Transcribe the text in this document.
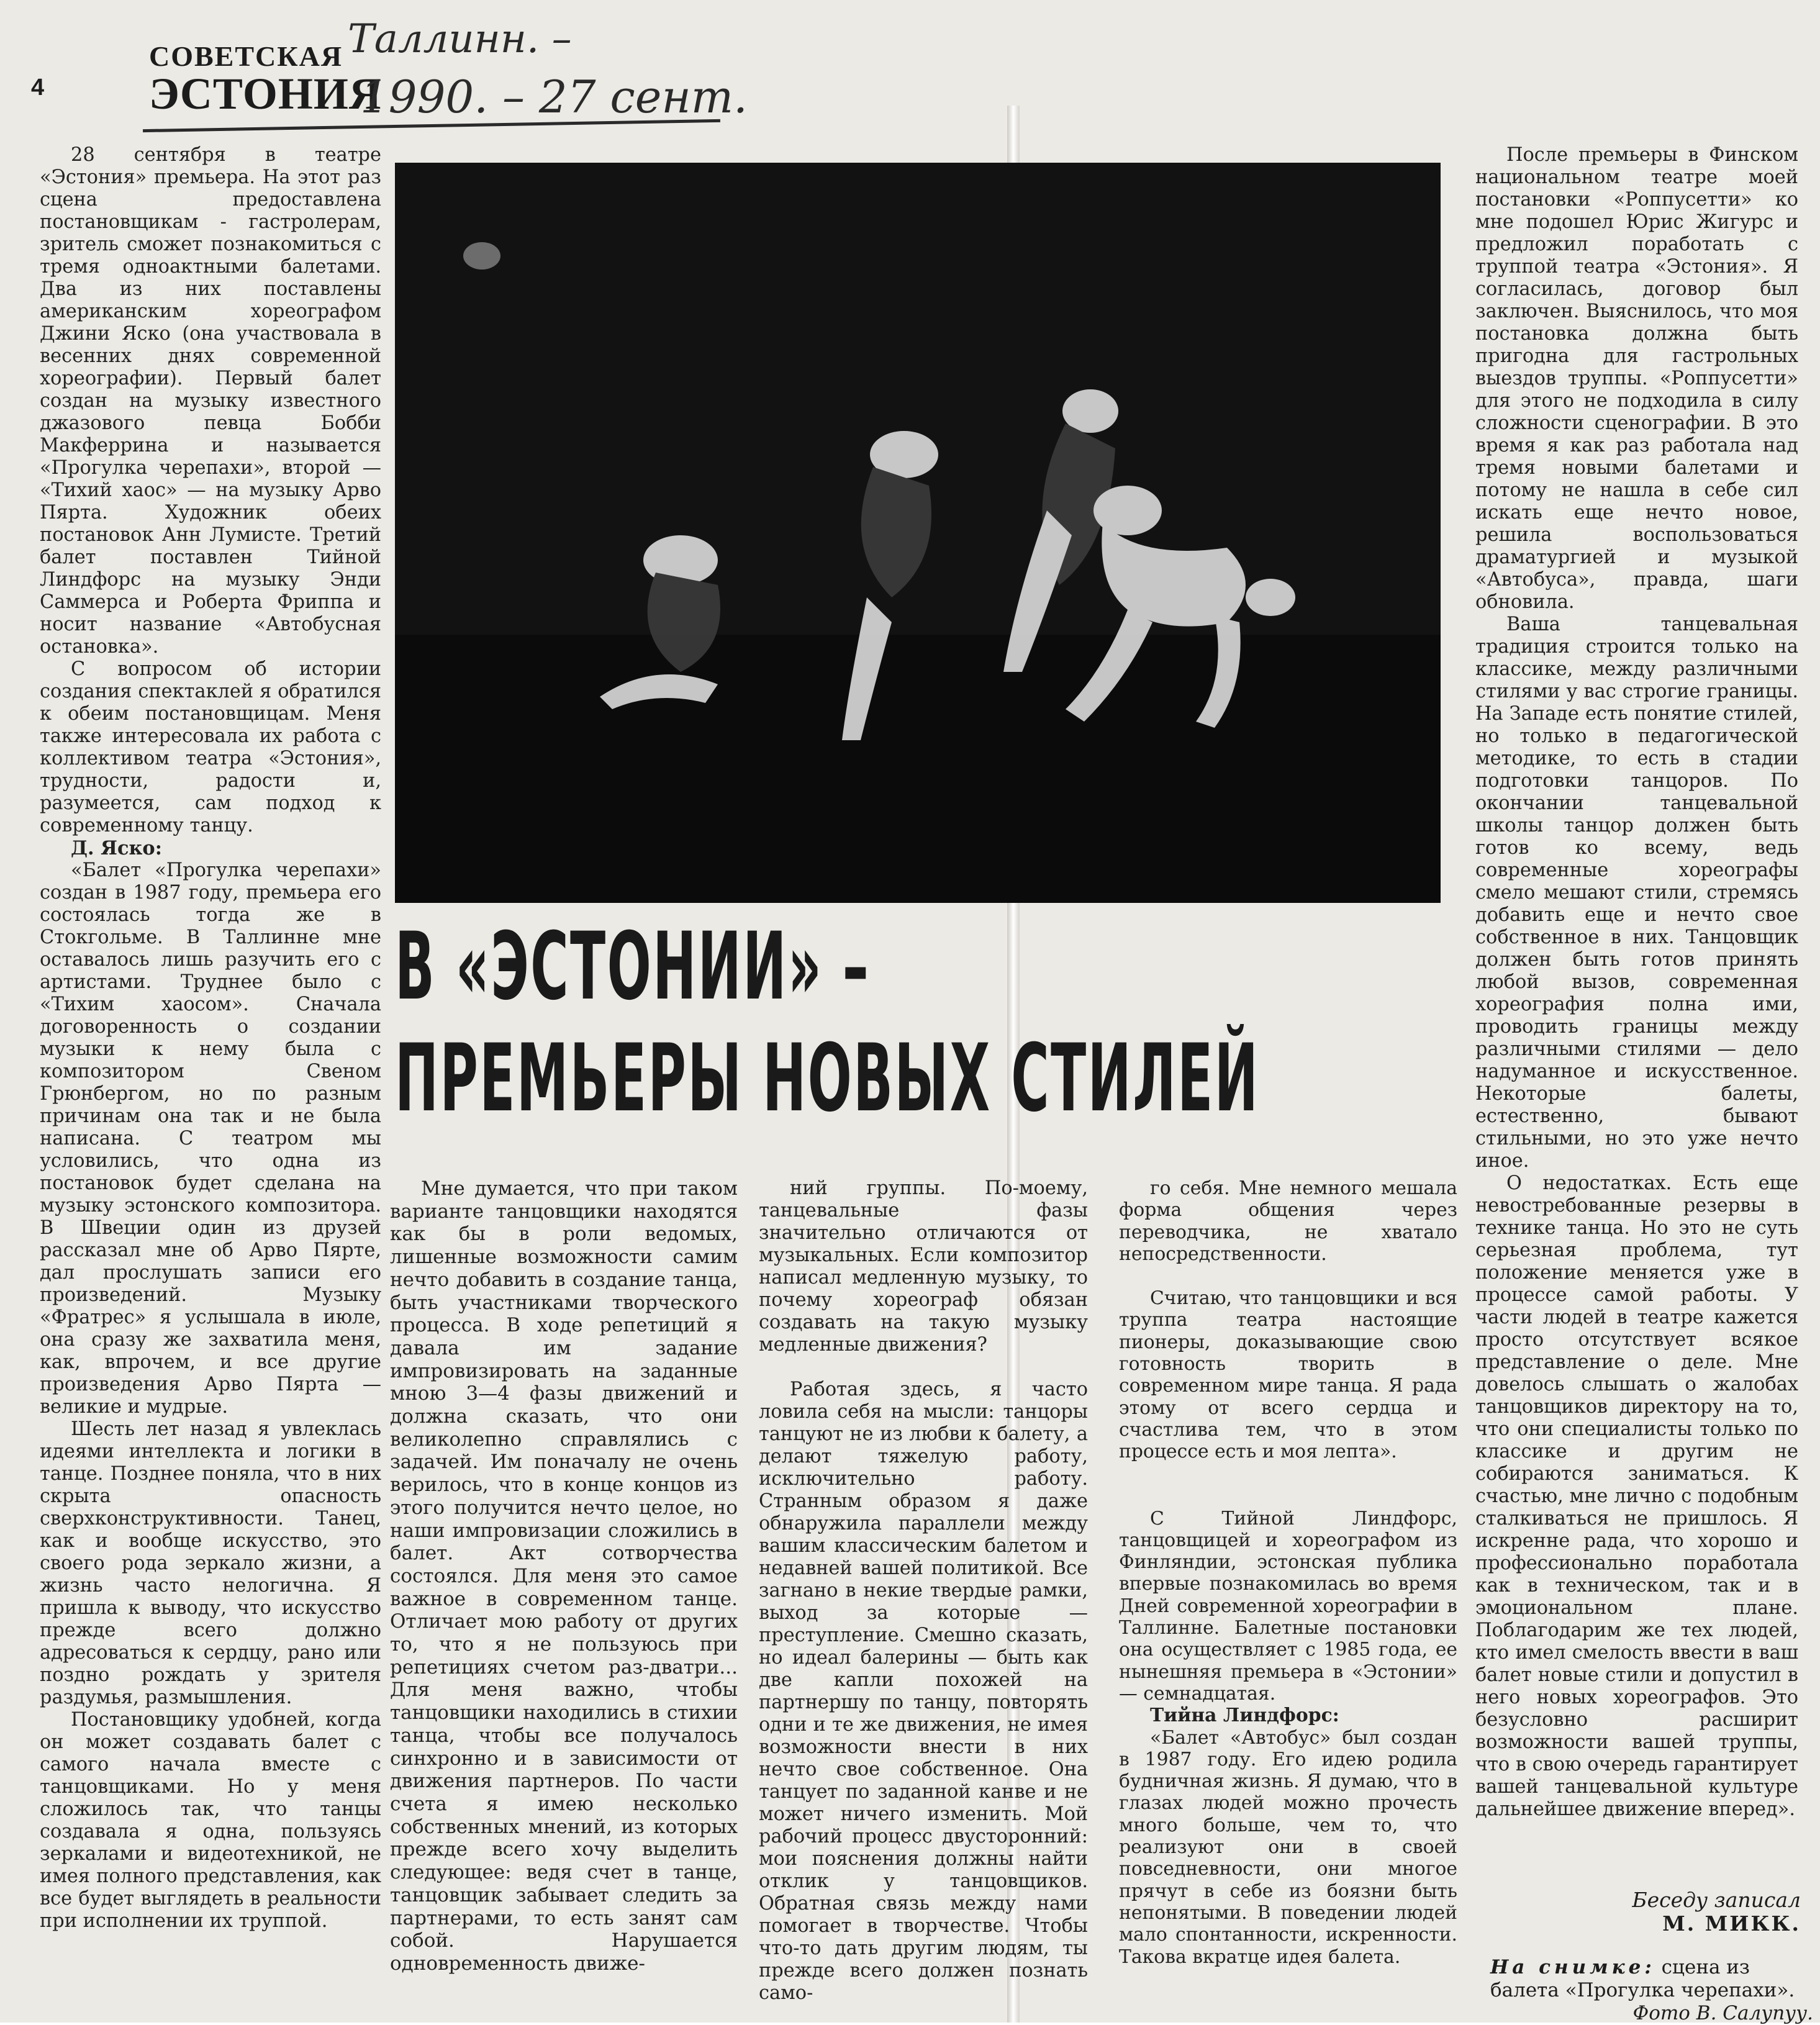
4
СОВЕТСКАЯ
ЭСТОНИЯ
Таллинн. –
1990. – 27 сент.

28 сентября в театре «Эстония» премьера. На этот раз сцена предоставлена постановщикам - гастролерам, зритель сможет познакомиться с тремя одноактными балетами. Два из них поставлены американским хореографом Джини Яско (она участвовала в весенних днях современной хореографии). Первый балет создан на музыку известного джазового певца Бобби Макферрина и называется «Прогулка черепахи», второй — «Тихий хаос» — на музыку Арво Пярта. Художник обеих постановок Анн Лумисте. Третий балет поставлен Тийной Линдфорс на музыку Энди Саммерса и Роберта Фриппа и носит название «Автобусная остановка».

С вопросом об истории создания спектаклей я обратился к обеим постановщицам. Меня также интересовала их работа с коллективом театра «Эстония», трудности, радости и, разумеется, сам подход к современному танцу.

Д. Яско:

«Балет «Прогулка черепахи» создан в 1987 году, премьера его состоялась тогда же в Стокгольме. В Таллинне мне оставалось лишь разучить его с артистами. Труднее было с «Тихим хаосом». Сначала договоренность о создании музыки к нему была с композитором Свеном Грюнбергом, но по разным причинам она так и не была написана. С театром мы условились, что одна из постановок будет сделана на музыку эстонского композитора. В Швеции один из друзей рассказал мне об Арво Пярте, дал прослушать записи его произведений. Музыку «Фратрес» я услышала в июле, она сразу же захватила меня, как, впрочем, и все другие произведения Арво Пярта — великие и мудрые.

Шесть лет назад я увлеклась идеями интеллекта и логики в танце. Позднее поняла, что в них скрыта опасность сверхконструктивности. Танец, как и вообще искусство, это своего рода зеркало жизни, а жизнь часто нелогична. Я пришла к выводу, что искусство прежде всего должно адресоваться к сердцу, рано или поздно рождать у зрителя раздумья, размышления.

Постановщику удобней, когда он может создавать балет с самого начала вместе с танцовщиками. Но у меня сложилось так, что танцы создавала я одна, пользуясь зеркалами и видеотехникой, не имея полного представления, как все будет выглядеть в реальности при исполнении их труппой.

В «ЭСТОНИИ» –
ПРЕМЬЕРЫ НОВЫХ СТИЛЕЙ

Мне думается, что при таком варианте танцовщики находятся как бы в роли ведомых, лишенные возможности самим нечто добавить в создание танца, быть участниками творческого процесса. В ходе репетиций я давала им задание импровизировать на заданные мною 3—4 фазы движений и должна сказать, что они великолепно справлялись с задачей. Им поначалу не очень верилось, что в конце концов из этого получится нечто целое, но наши импровизации сложились в балет. Акт сотворчества состоялся. Для меня это самое важное в современном танце. Отличает мою работу от других то, что я не пользуюсь при репетициях счетом раз-дватри... Для меня важно, чтобы танцовщики находились в стихии танца, чтобы все получалось синхронно и в зависимости от движения партнеров. По части счета я имею несколько собственных мнений, из которых прежде всего хочу выделить следующее: ведя счет в танце, танцовщик забывает следить за партнерами, то есть занят сам собой. Нарушается одновременность движе-

ний группы. По-моему, танцевальные фазы значительно отличаются от музыкальных. Если композитор написал медленную музыку, то почему хореограф обязан создавать на такую музыку медленные движения?

Работая здесь, я часто ловила себя на мысли: танцоры танцуют не из любви к балету, а делают тяжелую работу, исключительно работу. Странным образом я даже обнаружила параллели между вашим классическим балетом и недавней вашей политикой. Все загнано в некие твердые рамки, выход за которые — преступление. Смешно сказать, но идеал балерины — быть как две капли похожей на партнершу по танцу, повторять одни и те же движения, не имея возможности внести в них нечто свое собственное. Она танцует по заданной канве и не может ничего изменить. Мой рабочий процесс двусторонний: мои пояснения должны найти отклик у танцовщиков. Обратная связь между нами помогает в творчестве. Чтобы что-то дать другим людям, ты прежде всего должен познать само-

го себя. Мне немного мешала форма общения через переводчика, не хватало непосредственности.

Считаю, что танцовщики и вся труппа театра настоящие пионеры, доказывающие свою готовность творить в современном мире танца. Я рада этому от всего сердца и счастлива тем, что в этом процессе есть и моя лепта».

С Тийной Линдфорс, танцовщицей и хореографом из Финляндии, эстонская публика впервые познакомилась во время Дней современной хореографии в Таллинне. Балетные постановки она осуществляет с 1985 года, ее нынешняя премьера в «Эстонии» — семнадцатая.

Тийна Линдфорс:

«Балет «Автобус» был создан в 1987 году. Его идею родила будничная жизнь. Я думаю, что в глазах людей можно прочесть много больше, чем то, что реализуют они в своей повседневности, они многое прячут в себе из боязни быть непонятыми. В поведении людей мало спонтанности, искренности. Такова вкратце идея балета.

После премьеры в Финском национальном театре моей постановки «Роппусетти» ко мне подошел Юрис Жигурс и предложил поработать с труппой театра «Эстония». Я согласилась, договор был заключен. Выяснилось, что моя постановка должна быть пригодна для гастрольных выездов труппы. «Роппусетти» для этого не подходила в силу сложности сценографии. В это время я как раз работала над тремя новыми балетами и потому не нашла в себе сил искать еще нечто новое, решила воспользоваться драматургией и музыкой «Автобуса», правда, шаги обновила.

Ваша танцевальная традиция строится только на классике, между различными стилями у вас строгие границы. На Западе есть понятие стилей, но только в педагогической методике, то есть в стадии подготовки танцоров. По окончании танцевальной школы танцор должен быть готов ко всему, ведь современные хореографы смело мешают стили, стремясь добавить еще и нечто свое собственное в них. Танцовщик должен быть готов принять любой вызов, современная хореография полна ими, проводить границы между различными стилями — дело надуманное и искусственное. Некоторые балеты, естественно, бывают стильными, но это уже нечто иное.

О недостатках. Есть еще невостребованные резервы в технике танца. Но это не суть серьезная проблема, тут положение меняется уже в процессе самой работы. У части людей в театре кажется просто отсутствует всякое представление о деле. Мне довелось слышать о жалобах танцовщиков директору на то, что они специалисты только по классике и другим не собираются заниматься. К счастью, мне лично с подобным сталкиваться не пришлось. Я искренне рада, что хорошо и профессионально поработала как в техническом, так и в эмоциональном плане. Поблагодарим же тех людей, кто имел смелость ввести в ваш балет новые стили и допустил в него новых хореографов. Это безусловно расширит возможности вашей труппы, что в свою очередь гарантирует вашей танцевальной культуре дальнейшее движение вперед».

Беседу записал
М. МИКК.
На снимке: сцена из балета «Прогулка черепахи».
Фото В. Салупуу.
